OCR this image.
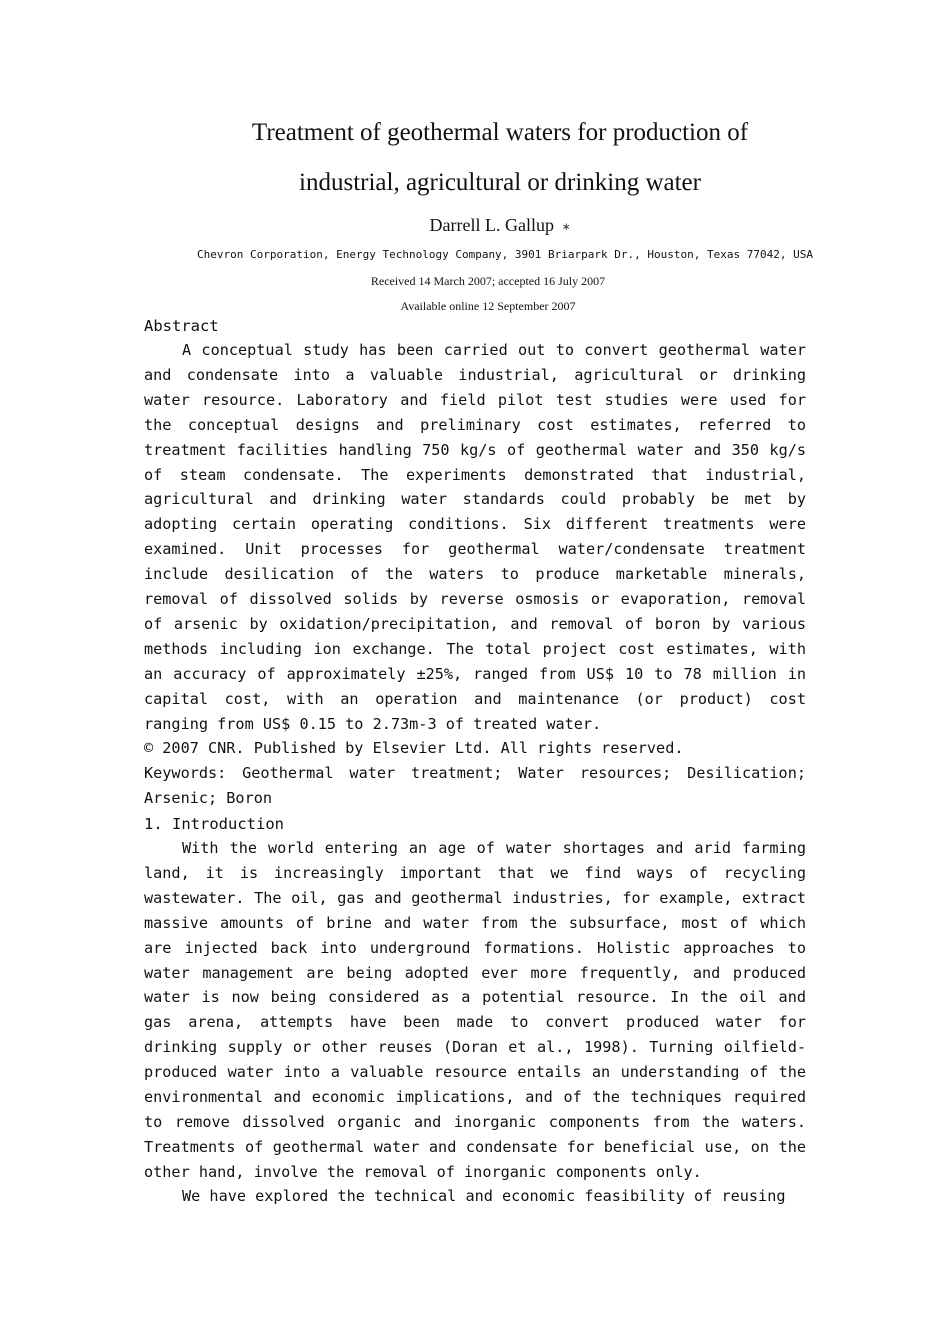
Treatment of geothermal waters for production of
industrial, agricultural or drinking water
Darrell L. Gallup *
Chevron Corporation, Energy Technology Company, 3901 Briarpark Dr., Houston, Texas 77042, USA
Received 14 March 2007; accepted 16 July 2007
Available online 12 September 2007
Abstract

A conceptual study has been carried out to convert geothermal water and condensate into a valuable industrial, agricultural or drinking water resource. Laboratory and field pilot test studies were used for the conceptual designs and preliminary cost estimates, referred to treatment facilities handling 750 kg/s of geothermal water and 350 kg/s of steam condensate. The experiments demonstrated that industrial, agricultural and drinking water standards could probably be met by adopting certain operating conditions. Six different treatments were examined. Unit processes for geothermal water/condensate treatment include desilication of the waters to produce marketable minerals, removal of dissolved solids by reverse osmosis or evaporation, removal of arsenic by oxidation/precipitation, and removal of boron by various methods including ion exchange. The total project cost estimates, with an accuracy of approximately ±25%, ranged from US$ 10 to 78 million in capital cost, with an operation and maintenance (or product) cost ranging from US$ 0.15 to 2.73m-3 of treated water.

© 2007 CNR. Published by Elsevier Ltd. All rights reserved.

Keywords: Geothermal water treatment; Water resources; Desilication; Arsenic; Boron

1. Introduction

With the world entering an age of water shortages and arid farming land, it is increasingly important that we find ways of recycling wastewater. The oil, gas and geothermal industries, for example, extract massive amounts of brine and water from the subsurface, most of which are injected back into underground formations. Holistic approaches to water management are being adopted ever more frequently, and produced water is now being considered as a potential resource. In the oil and gas arena, attempts have been made to convert produced water for drinking supply or other reuses (Doran et al., 1998). Turning oilfield-produced water into a valuable resource entails an understanding of the environmental and economic implications, and of the techniques required to remove dissolved organic and inorganic components from the waters. Treatments of geothermal water and condensate for beneficial use, on the other hand, involve the removal of inorganic components only.

We have explored the technical and economic feasibility of reusing
